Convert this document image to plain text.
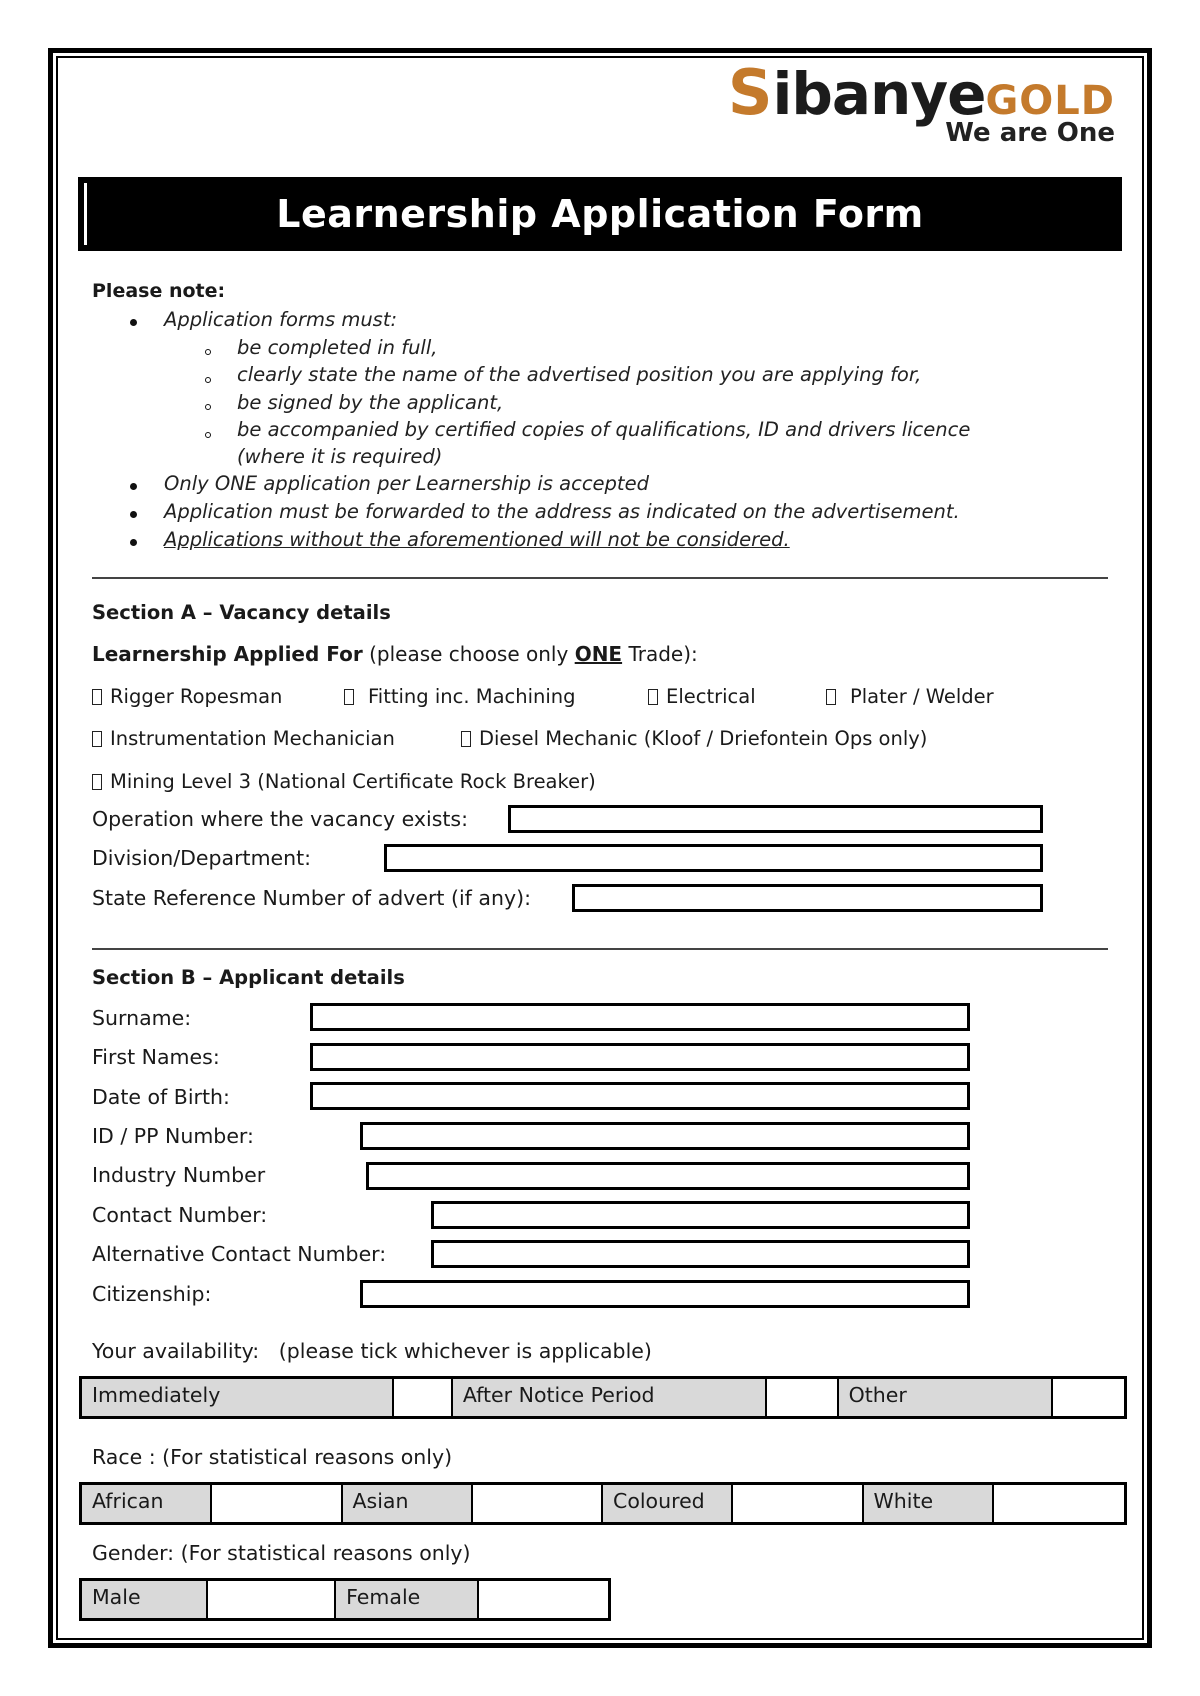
SibanyeGOLD
We are One
Learnership Application Form
Please note:
Application forms must:
be completed in full,
clearly state the name of the advertised position you are applying for,
be signed by the applicant,
be accompanied by certified copies of qualifications, ID and drivers licence
(where it is required)
Only ONE application per Learnership is accepted
Application must be forwarded to the address as indicated on the advertisement.
Applications without the aforementioned will not be considered.
Section A – Vacancy details
Learnership Applied For (please choose only ONE Trade):
Rigger Ropesman	Fitting inc. Machining	Electrical	Plater / Welder
Instrumentation Mechanician	Diesel Mechanic (Kloof / Driefontein Ops only)
Mining Level 3 (National Certificate Rock Breaker)
Operation where the vacancy exists:
Division/Department:
State Reference Number of advert (if any):
Section B – Applicant details
Surname:
First Names:
Date of Birth:
ID / PP Number:
Industry Number
Contact Number:
Alternative Contact Number:
Citizenship:
Your availability: (please tick whichever is applicable)
Immediately	After Notice Period	Other
Race : (For statistical reasons only)
African	Asian	Coloured	White
Gender: (For statistical reasons only)
Male	Female
